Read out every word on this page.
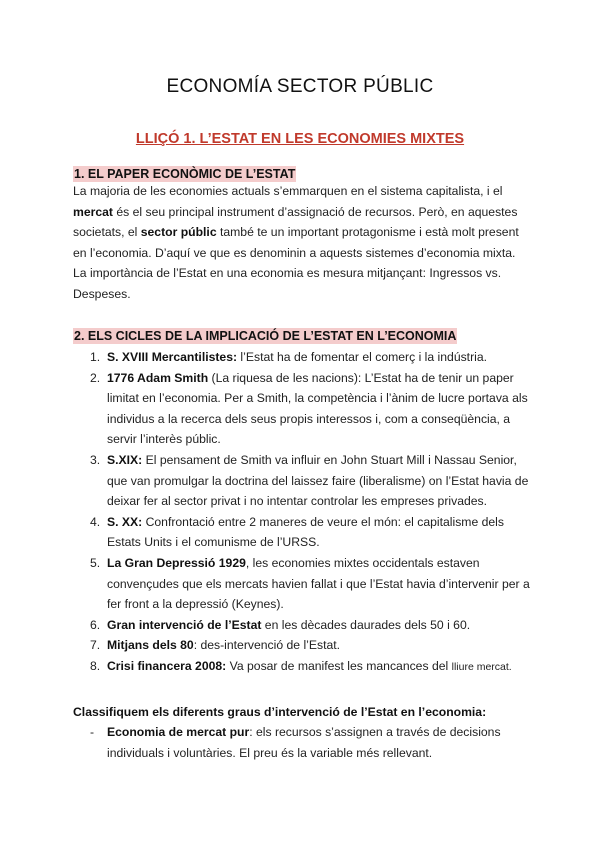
ECONOMÍA SECTOR PÚBLIC
LLIÇÓ 1. L’ESTAT EN LES ECONOMIES MIXTES
1. EL PAPER ECONÒMIC DE L’ESTAT
La majoria de les economies actuals s’emmarquen en el sistema capitalista, i el
mercat és el seu principal instrument d’assignació de recursos. Però, en aquestes
societats, el sector públic també te un important protagonisme i està molt present
en l’economia. D’aquí ve que es denominin a aquests sistemes d’economia mixta.
La importància de l’Estat en una economia es mesura mitjançant: Ingressos vs.
Despeses.
2. ELS CICLES DE LA IMPLICACIÓ DE L’ESTAT EN L’ECONOMIA
1. S. XVIII Mercantilistes: l’Estat ha de fomentar el comerç i la indústria.
2. 1776 Adam Smith (La riquesa de les nacions): L’Estat ha de tenir un paper limitat en l’economia. Per a Smith, la competència i l’ànim de lucre portava als individus a la recerca dels seus propis interessos i, com a conseqüència, a servir l’interès públic.
3. S.XIX: El pensament de Smith va influir en John Stuart Mill i Nassau Senior, que van promulgar la doctrina del laissez faire (liberalisme) on l’Estat havia de deixar fer al sector privat i no intentar controlar les empreses privades.
4. S. XX: Confrontació entre 2 maneres de veure el món: el capitalisme dels Estats Units i el comunisme de l’URSS.
5. La Gran Depressió 1929, les economies mixtes occidentals estaven convençudes que els mercats havien fallat i que l’Estat havia d’intervenir per a fer front a la depressió (Keynes).
6. Gran intervenció de l’Estat en les dècades daurades dels 50 i 60.
7. Mitjans dels 80: des-intervenció de l’Estat.
8. Crisi financera 2008: Va posar de manifest les mancances del lliure mercat.
Classifiquem els diferents graus d’intervenció de l’Estat en l’economia:
- Economia de mercat pur: els recursos s’assignen a través de decisions individuals i voluntàries. El preu és la variable més rellevant.
